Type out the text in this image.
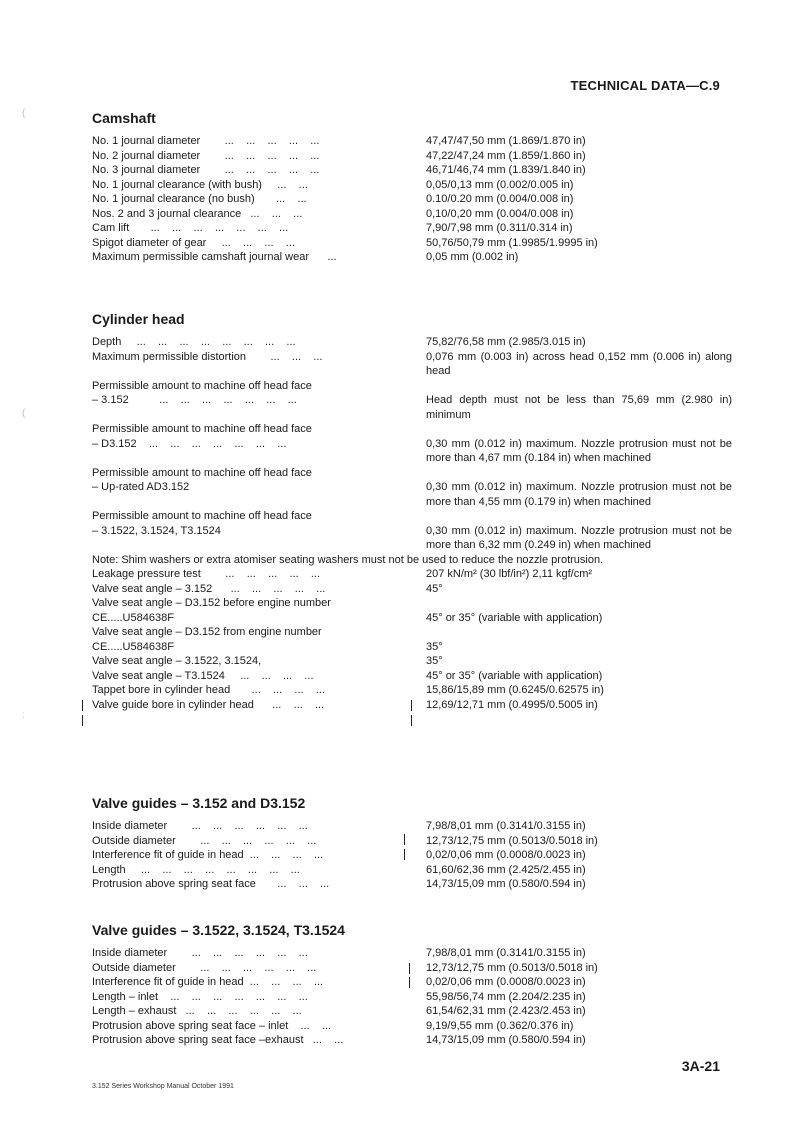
TECHNICAL DATA—C.9
(
(
:
Camshaft
No. 1 journal diameter        ...    ...    ...    ...    ...	47,47/47,50 mm (1.869/1.870 in)
No. 2 journal diameter        ...    ...    ...    ...    ...	47,22/47,24 mm (1.859/1.860 in)
No. 3 journal diameter        ...    ...    ...    ...    ...	46,71/46,74 mm (1.839/1.840 in)
No. 1 journal clearance (with bush)     ...    ...	0,05/0,13 mm (0.002/0.005 in)
No. 1 journal clearance (no bush)       ...    ...	0.10/0.20 mm (0.004/0.008 in)
Nos. 2 and 3 journal clearance   ...    ...    ...	0,10/0,20 mm (0.004/0.008 in)
Cam lift       ...    ...    ...    ...    ...    ...    ...	7,90/7,98 mm (0.311/0.314 in)
Spigot diameter of gear     ...    ...    ...    ...	50,76/50,79 mm (1.9985/1.9995 in)
Maximum permissible camshaft journal wear      ...	0,05 mm (0.002 in)
Cylinder head
Depth     ...    ...    ...    ...    ...    ...    ...    ...	75,82/76,58 mm (2.985/3.015 in)
Maximum permissible distortion        ...    ...    ...	0,076 mm (0.003 in) across head 0,152 mm (0.006 in) along head
Permissible amount to machine off head face
– 3.152          ...    ...    ...    ...    ...    ...    ...	Head depth must not be less than 75,69 mm (2.980 in) minimum
Permissible amount to machine off head face
– D3.152    ...    ...    ...    ...    ...    ...    ...	0,30 mm (0.012 in) maximum. Nozzle protrusion must not be more than 4,67 mm (0.184 in) when machined
Permissible amount to machine off head face
– Up-rated AD3.152	0,30 mm (0.012 in) maximum. Nozzle protrusion must not be more than 4,55 mm (0.179 in) when machined
Permissible amount to machine off head face
– 3.1522, 3.1524, T3.1524	0,30 mm (0.012 in) maximum. Nozzle protrusion must not be more than 6,32 mm (0.249 in) when machined
Note: Shim washers or extra atomiser seating washers must not be used to reduce the nozzle protrusion.
Leakage pressure test        ...    ...    ...    ...    ...	207 kN/m² (30 lbf/in²) 2,11 kgf/cm²
Valve seat angle – 3.152      ...    ...    ...    ...    ...	45°
Valve seat angle – D3.152 before engine number
CE.....U584638F	45° or 35° (variable with application)
Valve seat angle – D3.152 from engine number
CE.....U584638F	35°
Valve seat angle – 3.1522, 3.1524,	35°
Valve seat angle – T3.1524     ...    ...    ...    ...	45° or 35° (variable with application)
Tappet bore in cylinder head       ...    ...    ...    ...	15,86/15,89 mm (0.6245/0.62575 in)
Valve guide bore in cylinder head      ...    ...    ...	12,69/12,71 mm (0.4995/0.5005 in)
Valve guides – 3.152 and D3.152
Inside diameter        ...    ...    ...    ...    ...    ...	7,98/8,01 mm (0.3141/0.3155 in)
Outside diameter        ...    ...    ...    ...    ...    ...	12,73/12,75 mm (0.5013/0.5018 in)
Interference fit of guide in head  ...    ...    ...    ...	0,02/0,06 mm (0.0008/0.0023 in)
Length     ...    ...    ...    ...    ...    ...    ...    ...	61,60/62,36 mm (2.425/2.455 in)
Protrusion above spring seat face       ...    ...    ...	14,73/15,09 mm (0.580/0.594 in)
Valve guides – 3.1522, 3.1524, T3.1524
Inside diameter        ...    ...    ...    ...    ...    ...	7,98/8,01 mm (0.3141/0.3155 in)
Outside diameter        ...    ...    ...    ...    ...    ...	12,73/12,75 mm (0.5013/0.5018 in)
Interference fit of guide in head  ...    ...    ...    ...	0,02/0,06 mm (0.0008/0.0023 in)
Length – inlet    ...    ...    ...    ...    ...    ...    ...	55,98/56,74 mm (2.204/2.235 in)
Length – exhaust   ...    ...    ...    ...    ...    ...	61,54/62,31 mm (2.423/2.453 in)
Protrusion above spring seat face – inlet    ...    ...	9,19/9,55 mm (0.362/0.376 in)
Protrusion above spring seat face –exhaust   ...    ...	14,73/15,09 mm (0.580/0.594 in)
3A-21
3.152 Series Workshop Manual October 1991
